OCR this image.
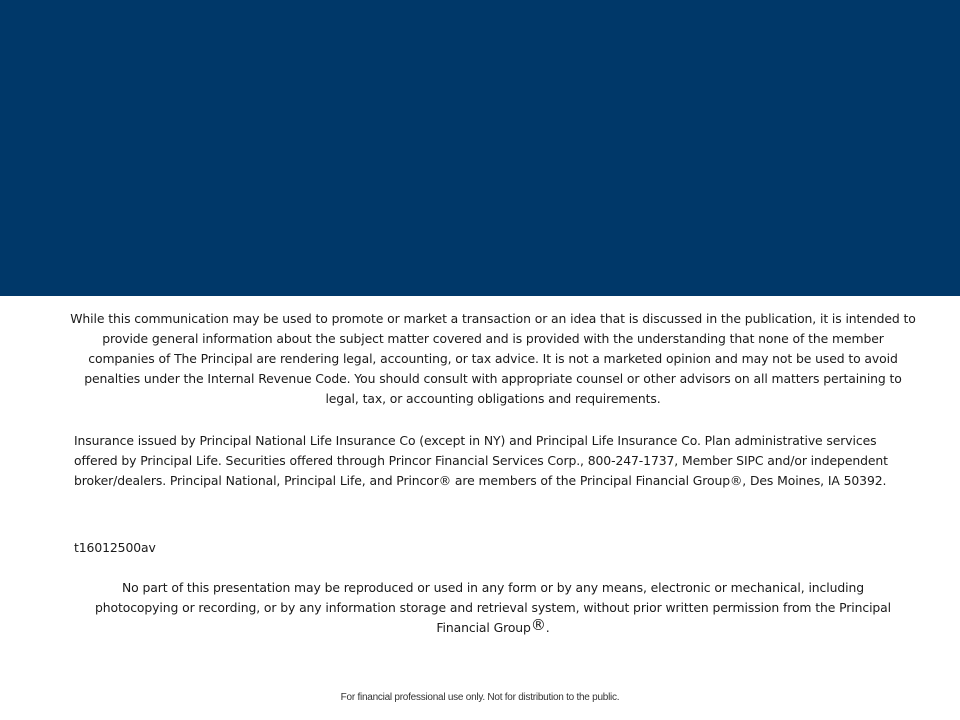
While this communication may be used to promote or market a transaction or an idea that is discussed in the publication, it is intended to provide general information about the subject matter covered and is provided with the understanding that none of the member companies of The Principal are rendering legal, accounting, or tax advice. It is not a marketed opinion and may not be used to avoid penalties under the Internal Revenue Code. You should consult with appropriate counsel or other advisors on all matters pertaining to legal, tax, or accounting obligations and requirements.

Insurance issued by Principal National Life Insurance Co (except in NY) and Principal Life Insurance Co. Plan administrative services offered by Principal Life. Securities offered through Princor Financial Services Corp., 800-247-1737, Member SIPC and/or independent broker/dealers. Principal National, Principal Life, and Princor® are members of the Principal Financial Group®, Des Moines, IA 50392.

t16012500av

No part of this presentation may be reproduced or used in any form or by any means, electronic or mechanical, including photocopying or recording, or by any information storage and retrieval system, without prior written permission from the Principal Financial Group®.

For financial professional use only. Not for distribution to the public.
